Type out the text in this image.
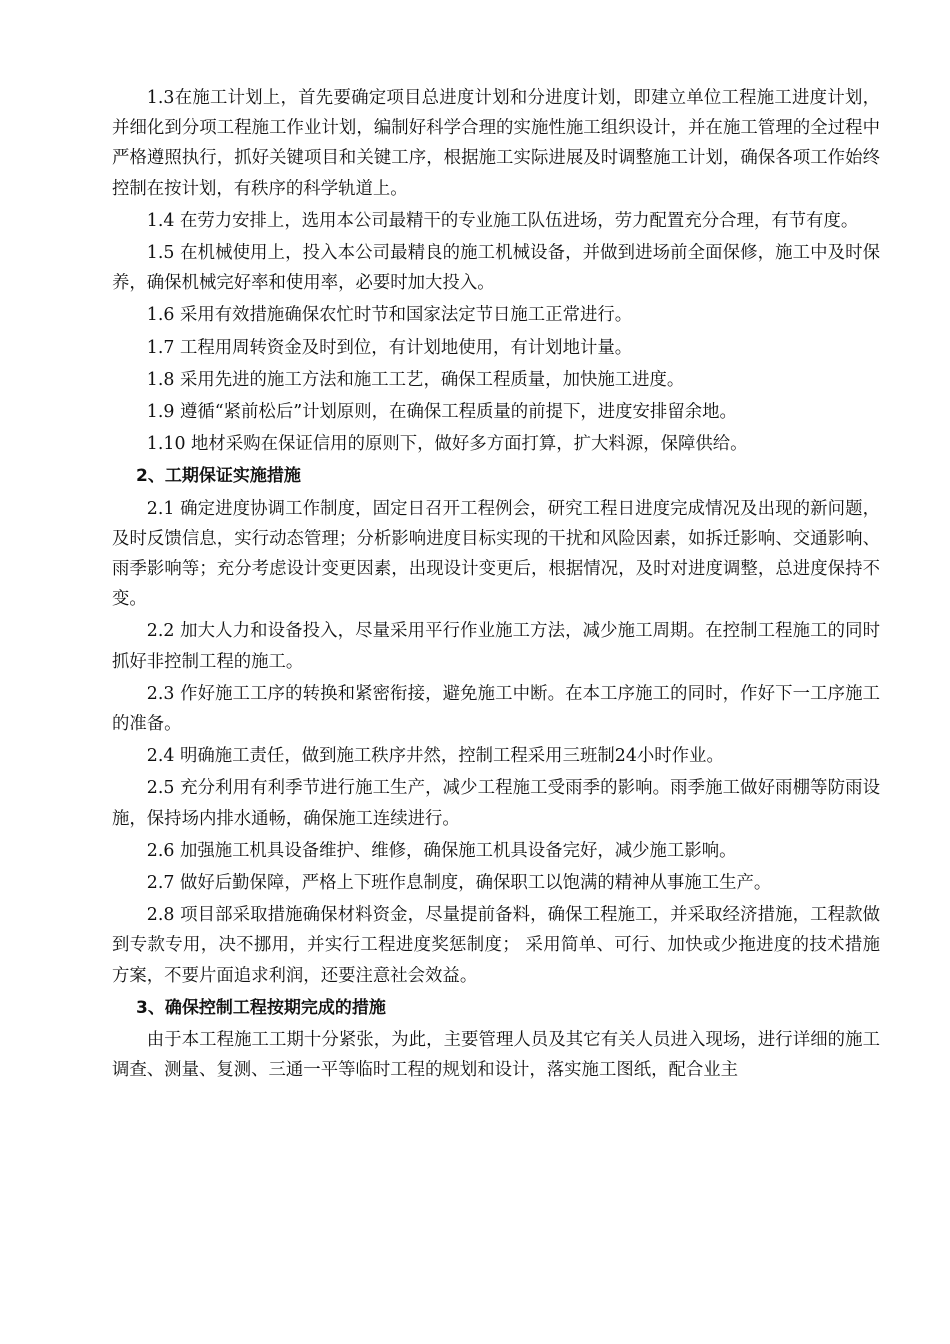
1.3在施工计划上，首先要确定项目总进度计划和分进度计划，即建立单位工程施工进度计划，并细化到分项工程施工作业计划，编制好科学合理的实施性施工组织设计，并在施工管理的全过程中严格遵照执行，抓好关键项目和关键工序，根据施工实际进展及时调整施工计划，确保各项工作始终控制在按计划，有秩序的科学轨道上。
1.4 在劳力安排上，选用本公司最精干的专业施工队伍进场，劳力配置充分合理，有节有度。
1.5 在机械使用上，投入本公司最精良的施工机械设备，并做到进场前全面保修，施工中及时保养，确保机械完好率和使用率，必要时加大投入。
1.6 采用有效措施确保农忙时节和国家法定节日施工正常进行。
1.7 工程用周转资金及时到位，有计划地使用，有计划地计量。
1.8 采用先进的施工方法和施工工艺，确保工程质量，加快施工进度。
1.9 遵循“紧前松后”计划原则，在确保工程质量的前提下，进度安排留余地。
1.10 地材采购在保证信用的原则下，做好多方面打算，扩大料源，保障供给。
2、工期保证实施措施
2.1 确定进度协调工作制度，固定日召开工程例会，研究工程日进度完成情况及出现的新问题，及时反馈信息，实行动态管理；分析影响进度目标实现的干扰和风险因素，如拆迁影响、交通影响、雨季影响等；充分考虑设计变更因素，出现设计变更后，根据情况，及时对进度调整，总进度保持不变。
2.2 加大人力和设备投入，尽量采用平行作业施工方法，减少施工周期。在控制工程施工的同时抓好非控制工程的施工。
2.3 作好施工工序的转换和紧密衔接，避免施工中断。在本工序施工的同时，作好下一工序施工的准备。
2.4 明确施工责任，做到施工秩序井然，控制工程采用三班制24小时作业。
2.5 充分利用有利季节进行施工生产，减少工程施工受雨季的影响。雨季施工做好雨棚等防雨设施，保持场内排水通畅，确保施工连续进行。
2.6 加强施工机具设备维护、维修，确保施工机具设备完好，减少施工影响。
2.7 做好后勤保障，严格上下班作息制度，确保职工以饱满的精神从事施工生产。
2.8 项目部采取措施确保材料资金，尽量提前备料，确保工程施工，并采取经济措施，工程款做到专款专用，决不挪用，并实行工程进度奖惩制度； 采用简单、可行、加快或少拖进度的技术措施方案，不要片面追求利润，还要注意社会效益。
3、确保控制工程按期完成的措施
由于本工程施工工期十分紧张，为此，主要管理人员及其它有关人员进入现场，进行详细的施工调查、测量、复测、三通一平等临时工程的规划和设计，落实施工图纸，配合业主
